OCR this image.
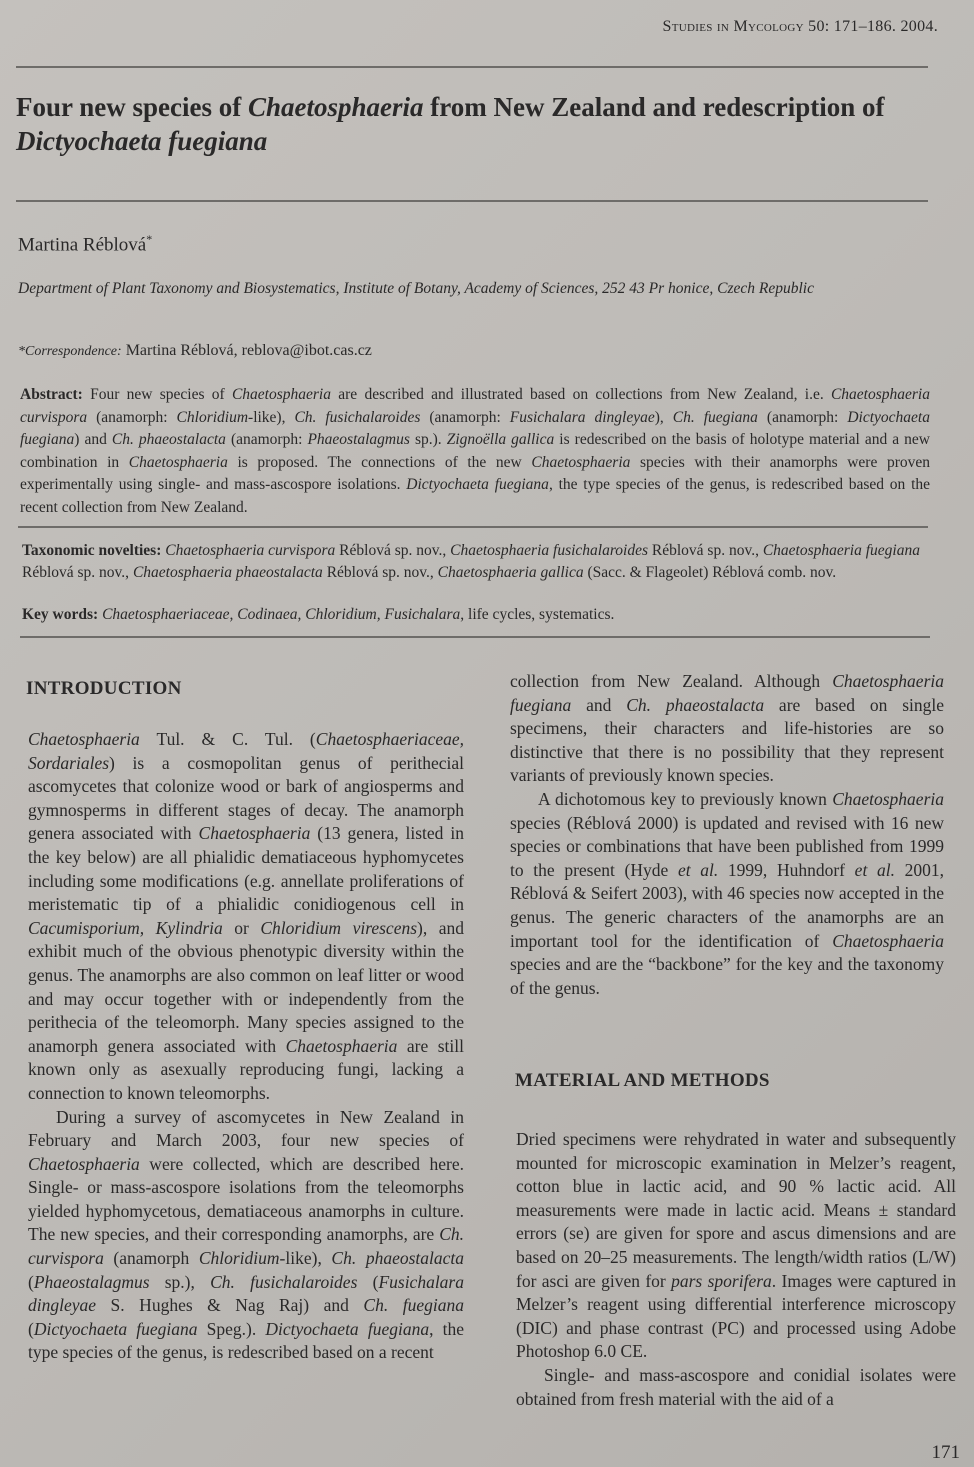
Studies in Mycology 50: 171–186. 2004.
Four new species of Chaetosphaeria from New Zealand and redescription of Dictyochaeta fuegiana
Martina Réblová*
Department of Plant Taxonomy and Biosystematics, Institute of Botany, Academy of Sciences, 252 43 Pr honice, Czech Republic
*Correspondence: Martina Réblová, reblova@ibot.cas.cz
Abstract: Four new species of Chaetosphaeria are described and illustrated based on collections from New Zealand, i.e. Chaetosphaeria curvispora (anamorph: Chloridium-like), Ch. fusichalaroides (anamorph: Fusichalara dingleyae), Ch. fuegiana (anamorph: Dictyochaeta fuegiana) and Ch. phaeostalacta (anamorph: Phaeostalagmus sp.). Zignoëlla gallica is redescribed on the basis of holotype material and a new combination in Chaetosphaeria is proposed. The connections of the new Chaetosphaeria species with their anamorphs were proven experimentally using single- and mass-ascospore isolations. Dictyochaeta fuegiana, the type species of the genus, is redescribed based on the recent collection from New Zealand.
Taxonomic novelties: Chaetosphaeria curvispora Réblová sp. nov., Chaetosphaeria fusichalaroides Réblová sp. nov., Chaetosphaeria fuegiana Réblová sp. nov., Chaetosphaeria phaeostalacta Réblová sp. nov., Chaetosphaeria gallica (Sacc. & Flageolet) Réblová comb. nov.
Key words: Chaetosphaeriaceae, Codinaea, Chloridium, Fusichalara, life cycles, systematics.
INTRODUCTION

Chaetosphaeria Tul. & C. Tul. (Chaetosphaeriaceae, Sordariales) is a cosmopolitan genus of perithecial ascomycetes that colonize wood or bark of angiosperms and gymnosperms in different stages of decay. The anamorph genera associated with Chaetosphaeria (13 genera, listed in the key below) are all phialidic dematiaceous hyphomycetes including some modifications (e.g. annellate proliferations of meristematic tip of a phialidic conidiogenous cell in Cacumisporium, Kylindria or Chloridium virescens), and exhibit much of the obvious phenotypic diversity within the genus. The anamorphs are also common on leaf litter or wood and may occur together with or independently from the perithecia of the teleomorph. Many species assigned to the anamorph genera associated with Chaetosphaeria are still known only as asexually reproducing fungi, lacking a connection to known teleomorphs.

During a survey of ascomycetes in New Zealand in February and March 2003, four new species of Chaetosphaeria were collected, which are described here. Single- or mass-ascospore isolations from the teleomorphs yielded hyphomycetous, dematiaceous anamorphs in culture. The new species, and their corresponding anamorphs, are Ch. curvispora (anamorph Chloridium-like), Ch. phaeostalacta (Phaeostalagmus sp.), Ch. fusichalaroides (Fusichalara dingleyae S. Hughes & Nag Raj) and Ch. fuegiana (Dictyochaeta fuegiana Speg.). Dictyochaeta fuegiana, the type species of the genus, is redescribed based on a recent

collection from New Zealand. Although Chaetosphaeria fuegiana and Ch. phaeostalacta are based on single specimens, their characters and life-histories are so distinctive that there is no possibility that they represent variants of previously known species.

A dichotomous key to previously known Chaetosphaeria species (Réblová 2000) is updated and revised with 16 new species or combinations that have been published from 1999 to the present (Hyde et al. 1999, Huhndorf et al. 2001, Réblová & Seifert 2003), with 46 species now accepted in the genus. The generic characters of the anamorphs are an important tool for the identification of Chaetosphaeria species and are the “backbone” for the key and the taxonomy of the genus.

MATERIAL AND METHODS

Dried specimens were rehydrated in water and subsequently mounted for microscopic examination in Melzer’s reagent, cotton blue in lactic acid, and 90 % lactic acid. All measurements were made in lactic acid. Means ± standard errors (se) are given for spore and ascus dimensions and are based on 20–25 measurements. The length/width ratios (L/W) for asci are given for pars sporifera. Images were captured in Melzer’s reagent using differential interference microscopy (DIC) and phase contrast (PC) and processed using Adobe Photoshop 6.0 CE.

Single- and mass-ascospore and conidial isolates were obtained from fresh material with the aid of a

171
